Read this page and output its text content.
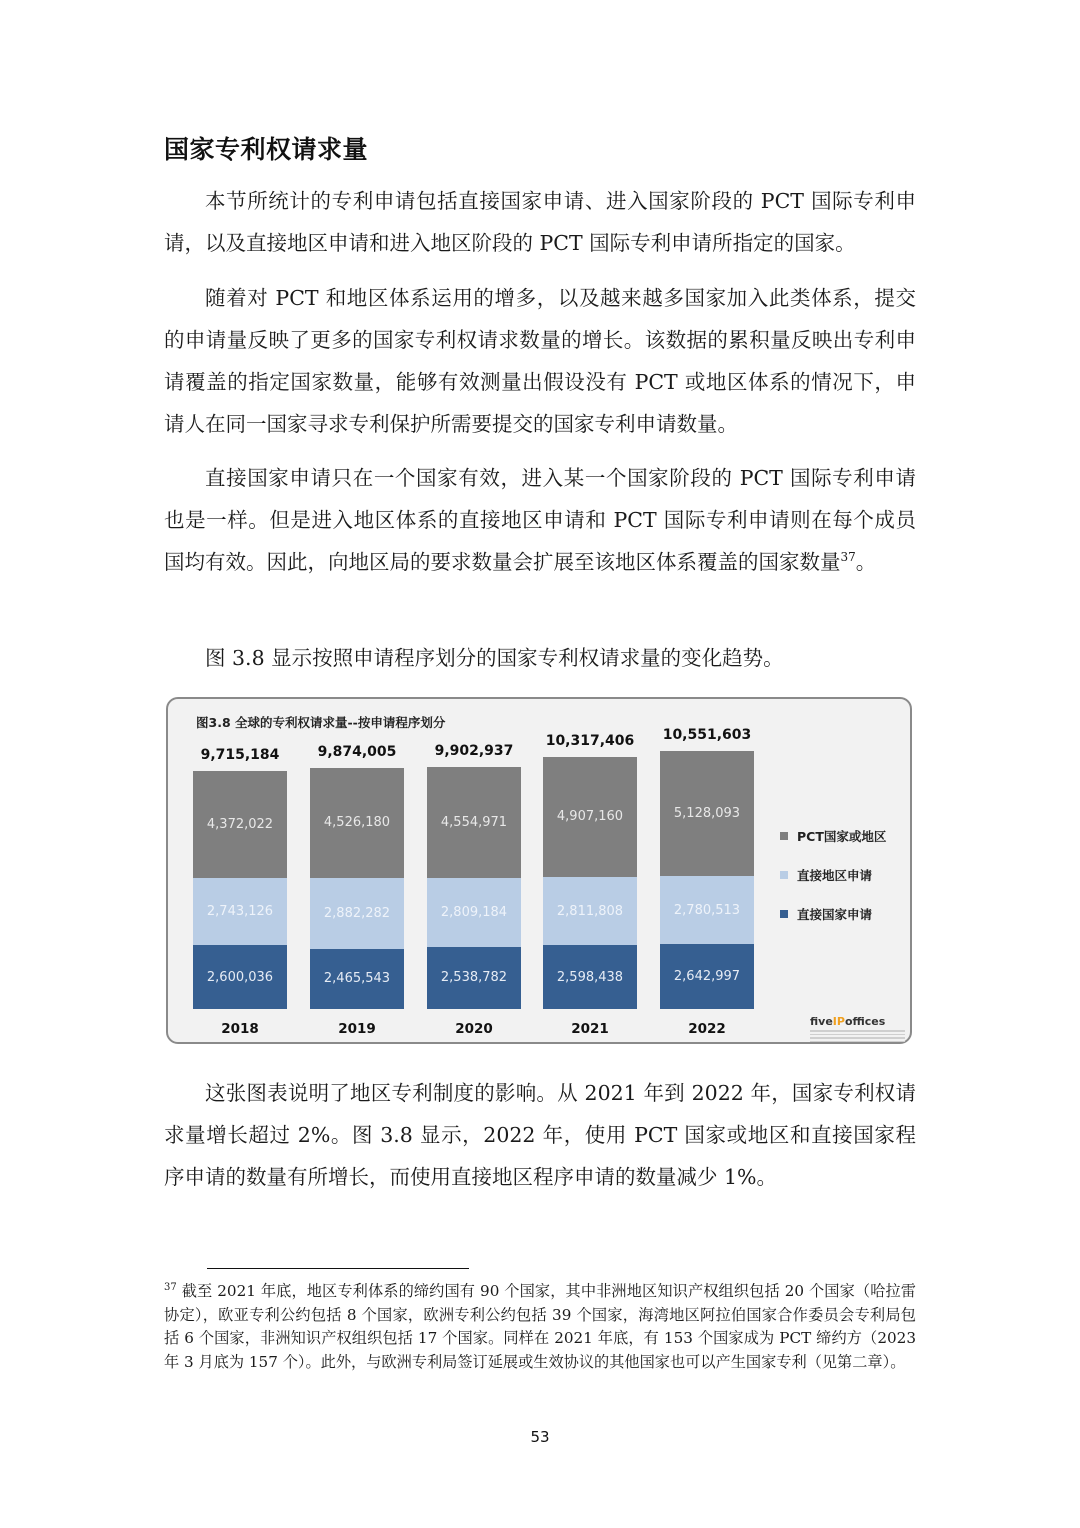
国家专利权请求量

本节所统计的专利申请包括直接国家申请、进入国家阶段的 PCT 国际专利申请，以及直接地区申请和进入地区阶段的 PCT 国际专利申请所指定的国家。

随着对 PCT 和地区体系运用的增多，以及越来越多国家加入此类体系，提交的申请量反映了更多的国家专利权请求数量的增长。该数据的累积量反映出专利申请覆盖的指定国家数量，能够有效测量出假设没有 PCT 或地区体系的情况下，申请人在同一国家寻求专利保护所需要提交的国家专利申请数量。

直接国家申请只在一个国家有效，进入某一个国家阶段的 PCT 国际专利申请也是一样。但是进入地区体系的直接地区申请和 PCT 国际专利申请则在每个成员国均有效。因此，向地区局的要求数量会扩展至该地区体系覆盖的国家数量$^{37}$。

图 3.8 显示按照申请程序划分的国家专利权请求量的变化趋势。

图3.8 全球的专利权请求量--按申请程序划分
2,600,036
2,743,126
4,372,022
9,715,184
2018
2,465,543
2,882,282
4,526,180
9,874,005
2019
2,538,782
2,809,184
4,554,971
9,902,937
2020
2,598,438
2,811,808
4,907,160
10,317,406
2021
2,642,997
2,780,513
5,128,093
10,551,603
2022
PCT国家或地区
直接地区申请
直接国家申请
fiveIPoffices

这张图表说明了地区专利制度的影响。从 2021 年到 2022 年，国家专利权请求量增长超过 2%。图 3.8 显示，2022 年，使用 PCT 国家或地区和直接国家程序申请的数量有所增长，而使用直接地区程序申请的数量减少 1%。

$^{37}$ 截至 2021 年底，地区专利体系的缔约国有 90 个国家，其中非洲地区知识产权组织包括 20 个国家（哈拉雷协定），欧亚专利公约包括 8 个国家，欧洲专利公约包括 39 个国家，海湾地区阿拉伯国家合作委员会专利局包括 6 个国家，非洲知识产权组织包括 17 个国家。同样在 2021 年底，有 153 个国家成为 PCT 缔约方（2023 年 3 月底为 157 个）。此外，与欧洲专利局签订延展或生效协议的其他国家也可以产生国家专利（见第二章）。
53
